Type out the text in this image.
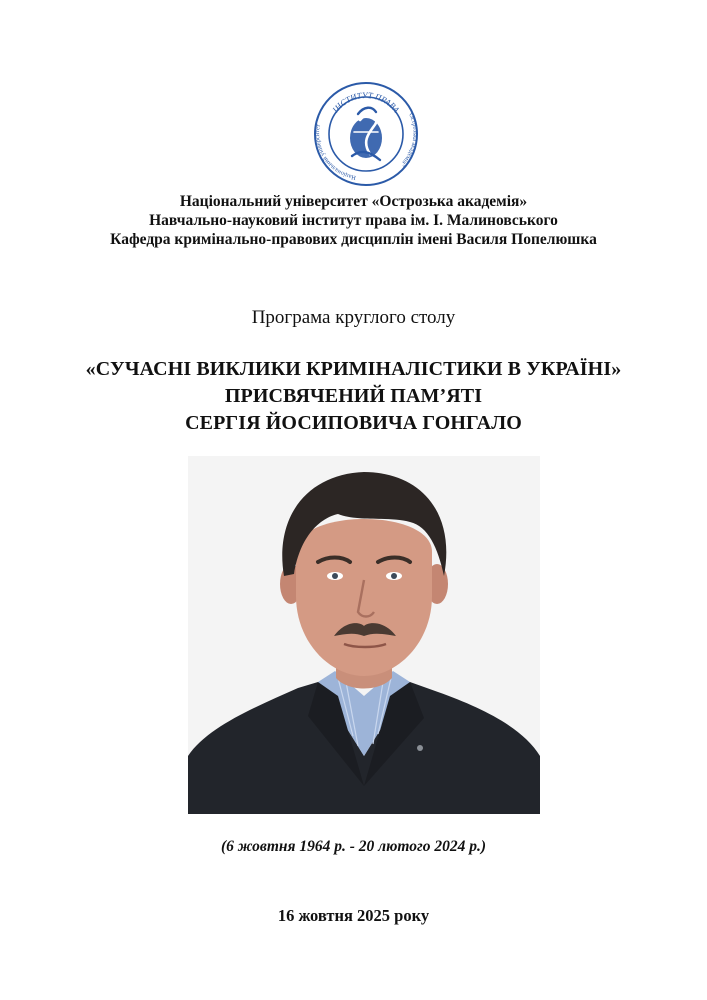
ІНСТИТУТ ПРАВА
Національний університет
"Острозька академія"
Національний університет «Острозька академія»
Навчально-науковий інститут права ім. І. Малиновського
Кафедра кримінально-правових дисциплін імені Василя Попелюшка
Програма круглого столу
«СУЧАСНІ ВИКЛИКИ КРИМІНАЛІСТИКИ В УКРАЇНІ»
ПРИСВЯЧЕНИЙ ПАМ’ЯТІ
СЕРГІЯ ЙОСИПОВИЧА ГОНГАЛО
(6 жовтня 1964 р. - 20 лютого 2024 р.)
16 жовтня 2025 року
